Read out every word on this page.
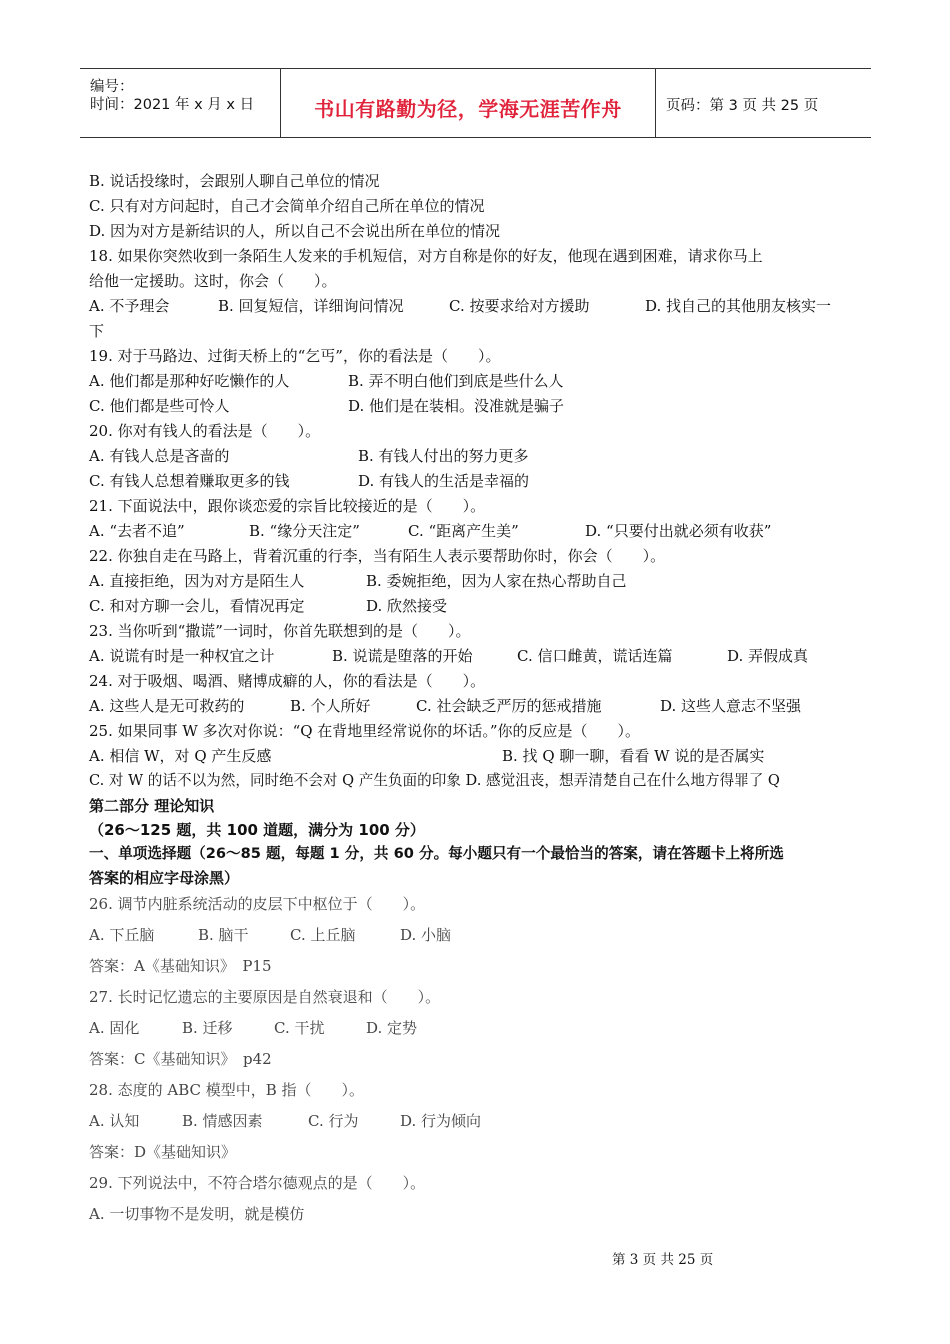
编号：
时间：2021 年 x 月 x 日	书山有路勤为径，学海无涯苦作舟	页码：第 3 页 共 25 页
B. 说话投缘时，会跟别人聊自己单位的情况
C. 只有对方问起时，自己才会简单介绍自己所在单位的情况
D. 因为对方是新结识的人，所以自己不会说出所在单位的情况
18. 如果你突然收到一条陌生人发来的手机短信，对方自称是你的好友，他现在遇到困难，请求你马上
给他一定援助。这时，你会（　　）。
A. 不予理会	B. 回复短信，详细询问情况	C. 按要求给对方援助	D. 找自己的其他朋友核实一
下
19. 对于马路边、过街天桥上的“乞丐”，你的看法是（　　）。
A. 他们都是那种好吃懒作的人	B. 弄不明白他们到底是些什么人
C. 他们都是些可怜人	D. 他们是在装相。没准就是骗子
20. 你对有钱人的看法是（　　）。
A. 有钱人总是吝啬的	B. 有钱人付出的努力更多
C. 有钱人总想着赚取更多的钱	D. 有钱人的生活是幸福的
21. 下面说法中，跟你谈恋爱的宗旨比较接近的是（　　）。
A. “去者不追”	B. “缘分天注定”	C. “距离产生美”	D. “只要付出就必须有收获”
22. 你独自走在马路上，背着沉重的行李，当有陌生人表示要帮助你时，你会（　　）。
A. 直接拒绝，因为对方是陌生人	B. 委婉拒绝，因为人家在热心帮助自己
C. 和对方聊一会儿，看情况再定	D. 欣然接受
23. 当你听到“撒谎”一词时，你首先联想到的是（　　）。
A. 说谎有时是一种权宜之计	B. 说谎是堕落的开始	C. 信口雌黄，谎话连篇	D. 弄假成真
24. 对于吸烟、喝酒、赌博成癖的人，你的看法是（　　）。
A. 这些人是无可救药的	B. 个人所好	C. 社会缺乏严厉的惩戒措施	D. 这些人意志不坚强
25. 如果同事 W 多次对你说：“Q 在背地里经常说你的坏话。”你的反应是（　　）。
A. 相信 W，对 Q 产生反感	B. 找 Q 聊一聊，看看 W 说的是否属实
C. 对 W 的话不以为然，同时绝不会对 Q 产生负面的印象 D. 感觉沮丧，想弄清楚自己在什么地方得罪了 Q
第二部分 理论知识
（26～125 题，共 100 道题，满分为 100 分）
一、单项选择题（26～85 题，每题 1 分，共 60 分。每小题只有一个最恰当的答案，请在答题卡上将所选
答案的相应字母涂黑）
26. 调节内脏系统活动的皮层下中枢位于（　　）。
A. 下丘脑	B. 脑干	C. 上丘脑	D. 小脑
答案：A《基础知识》　P15
27. 长时记忆遗忘的主要原因是自然衰退和（　　）。
A. 固化	B. 迁移	C. 干扰	D. 定势
答案：C《基础知识》　p42
28. 态度的 ABC 模型中，B 指（　　）。
A. 认知	B. 情感因素	C. 行为	D. 行为倾向
答案：D《基础知识》
29. 下列说法中，不符合塔尔德观点的是（　　）。
A. 一切事物不是发明，就是模仿
第 3 页 共 25 页
